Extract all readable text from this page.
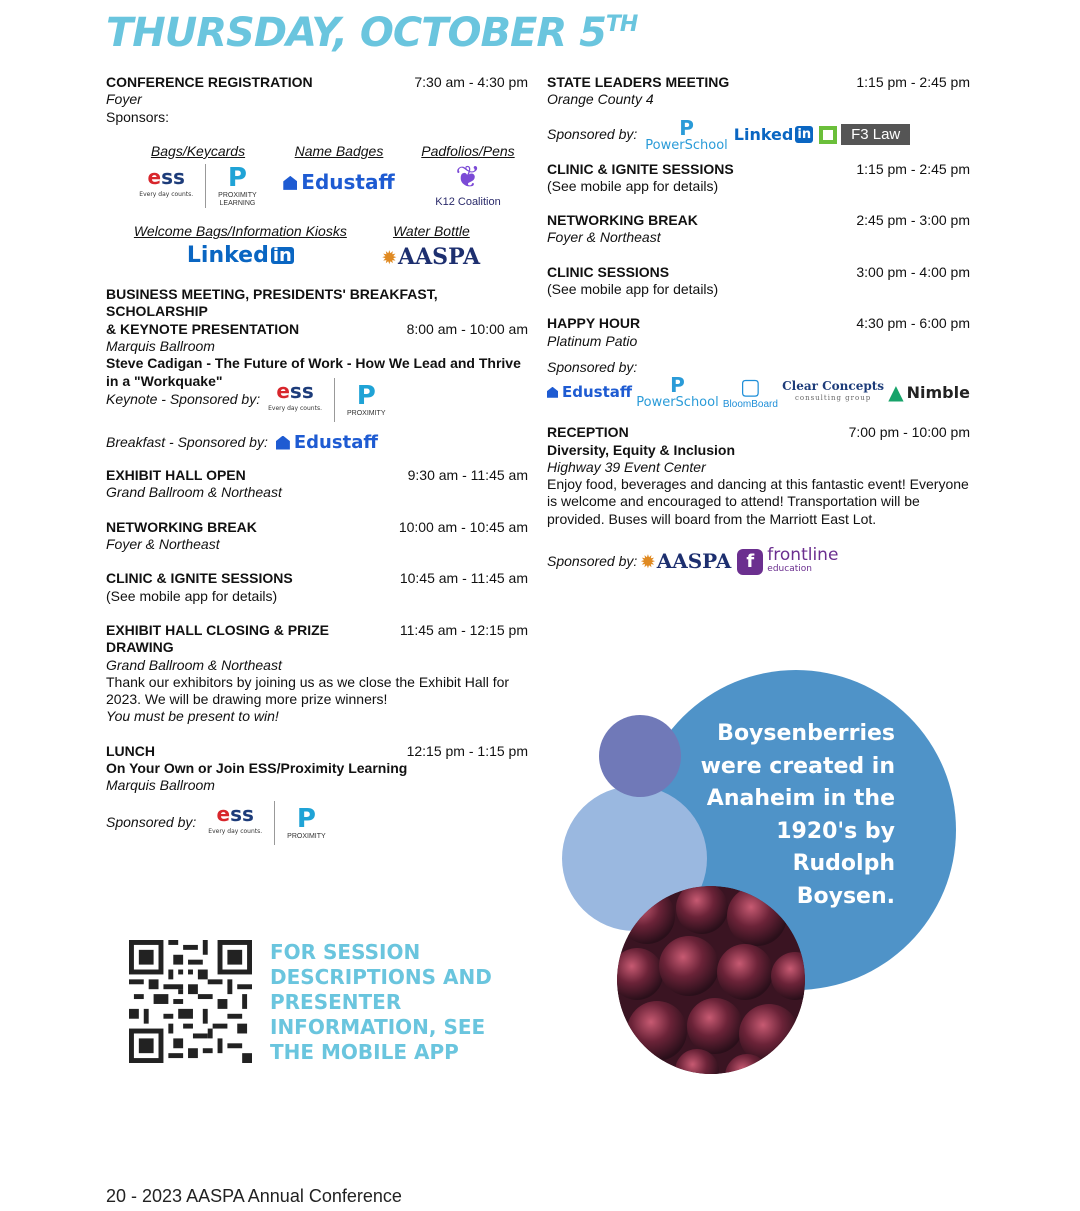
THURSDAY, OCTOBER 5TH
CONFERENCE REGISTRATION	7:30 am - 4:30 pm
Foyer
Sponsors:
Bags/Keycards
ess
Every day counts.
P
PROXIMITY
LEARNING
Name Badges
Edustaff
Padfolios/Pens
❦
K12 Coalition
Welcome Bags/Information Kiosks
Linked in
Water Bottle
✹ AASPA
BUSINESS MEETING, PRESIDENTS' BREAKFAST, SCHOLARSHIP
& KEYNOTE PRESENTATION	8:00 am - 10:00 am
Marquis Ballroom
Steve Cadigan - The Future of Work - How We Lead and Thrive in a "Workquake"
Keynote - Sponsored by: ess
Every day counts. P
PROXIMITY
Breakfast - Sponsored by: Edustaff
EXHIBIT HALL OPEN	9:30 am - 11:45 am
Grand Ballroom & Northeast
NETWORKING BREAK	10:00 am - 10:45 am
Foyer & Northeast
CLINIC & IGNITE SESSIONS	10:45 am - 11:45 am
(See mobile app for details)
EXHIBIT HALL CLOSING & PRIZE DRAWING
11:45 am - 12:15 pm
Grand Ballroom & Northeast
Thank our exhibitors by joining us as we close the Exhibit Hall for 2023. We will be drawing more prize winners!
You must be present to win!
LUNCH	12:15 pm - 1:15 pm
On Your Own or Join ESS/Proximity Learning
Marquis Ballroom
Sponsored by: ess
Every day counts. P
PROXIMITY
STATE LEADERS MEETING	1:15 pm - 2:45 pm
Orange County 4
Sponsored by: P
PowerSchool
Linked in	F3 Law
CLINIC & IGNITE SESSIONS	1:15 pm - 2:45 pm
(See mobile app for details)
NETWORKING BREAK	2:45 pm - 3:00 pm
Foyer & Northeast
CLINIC SESSIONS	3:00 pm - 4:00 pm
(See mobile app for details)
HAPPY HOUR	4:30 pm - 6:00 pm
Platinum Patio
Sponsored by:
Edustaff P
PowerSchool
▢
BloomBoard
Clear Concepts
consulting group ▲ Nimble
RECEPTION	7:00 pm - 10:00 pm
Diversity, Equity & Inclusion
Highway 39 Event Center
Enjoy food, beverages and dancing at this fantastic event! Everyone is welcome and encouraged to attend! Transportation will be provided. Buses will board from the Marriott East Lot.
Sponsored by: ✹ AASPA f frontline
education
FOR SESSION DESCRIPTIONS AND PRESENTER INFORMATION, SEE THE MOBILE APP
Boysenberries were created in Anaheim in the 1920's by Rudolph Boysen.
20 - 2023 AASPA Annual Conference
